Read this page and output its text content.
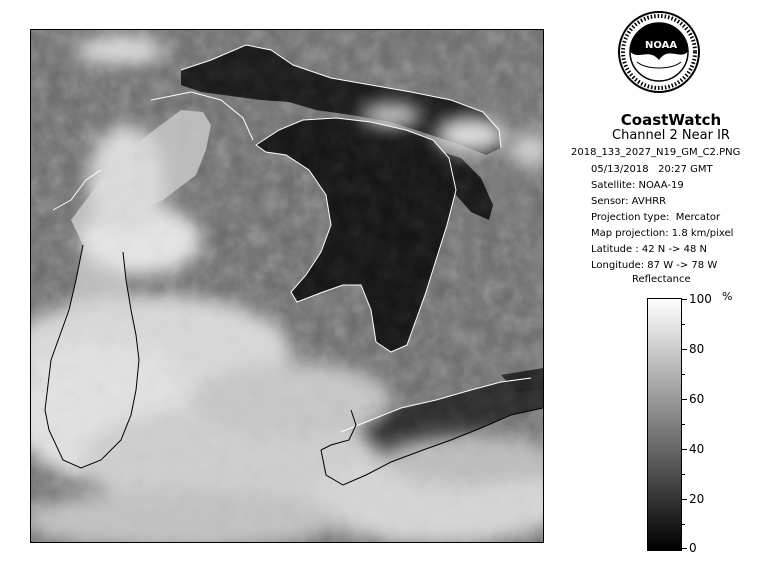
NOAA
CoastWatch
Channel 2 Near IR
2018_133_2027_N19_GM_C2.PNG
05/13/2018   20:27 GMT
Satellite: NOAA-19
Sensor: AVHRR
Projection type:  Mercator
Map projection: 1.8 km/pixel
Latitude : 42 N -> 48 N
Longitude: 87 W -> 78 W
Reflectance
%
100
80
60
40
20
0
